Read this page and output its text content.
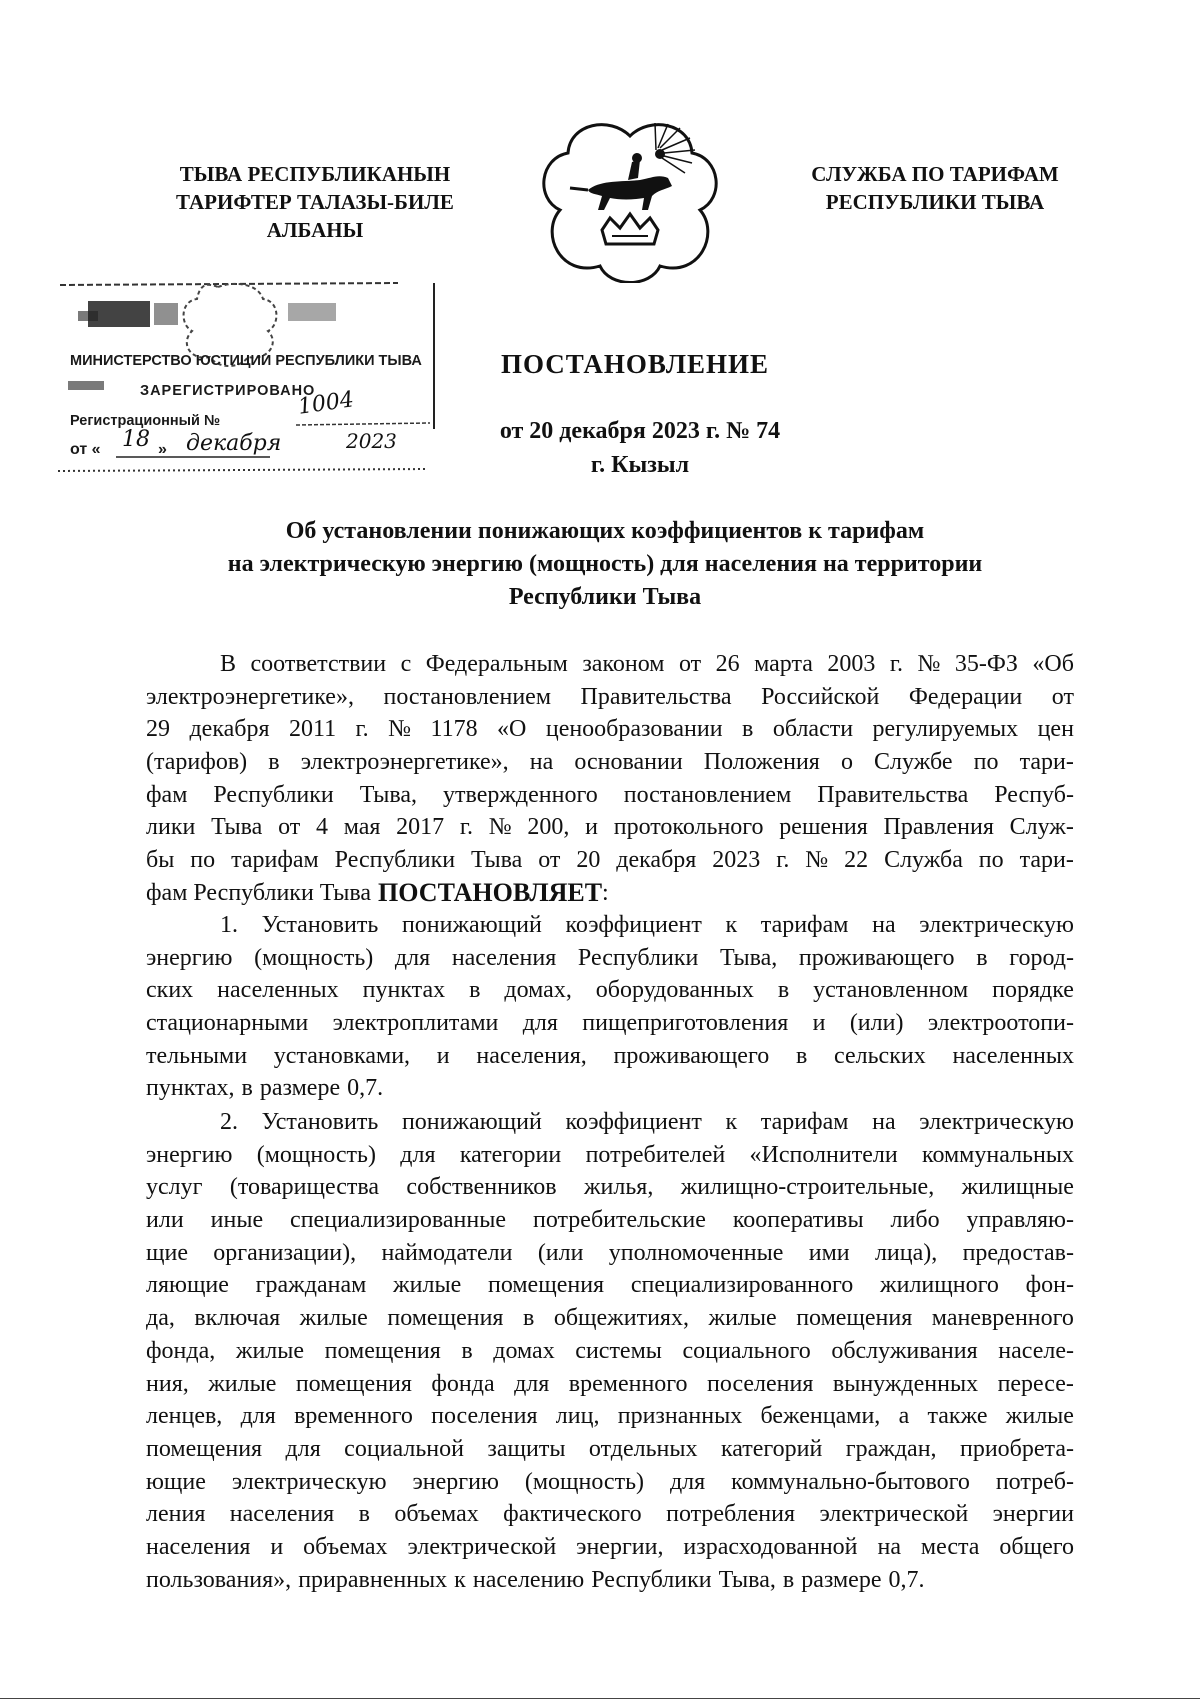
ТЫВА РЕСПУБЛИКАНЫН
ТАРИФТЕР ТАЛАЗЫ-БИЛЕ
АЛБАНЫ
СЛУЖБА ПО ТАРИФАМ
РЕСПУБЛИКИ ТЫВА
МИНИСТЕРСТВО ЮСТИЦИИ РЕСПУБЛИКИ ТЫВА
ЗАРЕГИСТРИРОВАНО
Регистрационный №
1004
от « 18 » декабря	2023
ПОСТАНОВЛЕНИЕ
от 20 декабря 2023 г. № 74
г. Кызыл
Об установлении понижающих коэффициентов к тарифам
на электрическую энергию (мощность) для населения на территории
Республики Тыва
В соответствии с Федеральным законом от 26 марта 2003 г. № 35-ФЗ «Об
электроэнергетике», постановлением Правительства Российской Федерации от
29 декабря 2011 г. № 1178 «О ценообразовании в области регулируемых цен
(тарифов) в электроэнергетике», на основании Положения о Службе по тари-
фам Республики Тыва, утвержденного постановлением Правительства Респуб-
лики Тыва от 4 мая 2017 г. № 200, и протокольного решения Правления Служ-
бы по тарифам Республики Тыва от 20 декабря 2023 г. № 22 Служба по тари-
фам Республики Тыва ПОСТАНОВЛЯЕТ :
1. Установить понижающий коэффициент к тарифам на электрическую
энергию (мощность) для населения Республики Тыва, проживающего в город-
ских населенных пунктах в домах, оборудованных в установленном порядке
стационарными электроплитами для пищеприготовления и (или) электроотопи-
тельными установками, и населения, проживающего в сельских населенных
пунктах, в размере 0,7.
2. Установить понижающий коэффициент к тарифам на электрическую
энергию (мощность) для категории потребителей «Исполнители коммунальных
услуг (товарищества собственников жилья, жилищно-строительные, жилищные
или иные специализированные потребительские кооперативы либо управляю-
щие организации), наймодатели (или уполномоченные ими лица), предостав-
ляющие гражданам жилые помещения специализированного жилищного фон-
да, включая жилые помещения в общежитиях, жилые помещения маневренного
фонда, жилые помещения в домах системы социального обслуживания населе-
ния, жилые помещения фонда для временного поселения вынужденных пересе-
ленцев, для временного поселения лиц, признанных беженцами, а также жилые
помещения для социальной защиты отдельных категорий граждан, приобрета-
ющие электрическую энергию (мощность) для коммунально-бытового потреб-
ления населения в объемах фактического потребления электрической энергии
населения и объемах электрической энергии, израсходованной на места общего
пользования», приравненных к населению Республики Тыва, в размере 0,7.
